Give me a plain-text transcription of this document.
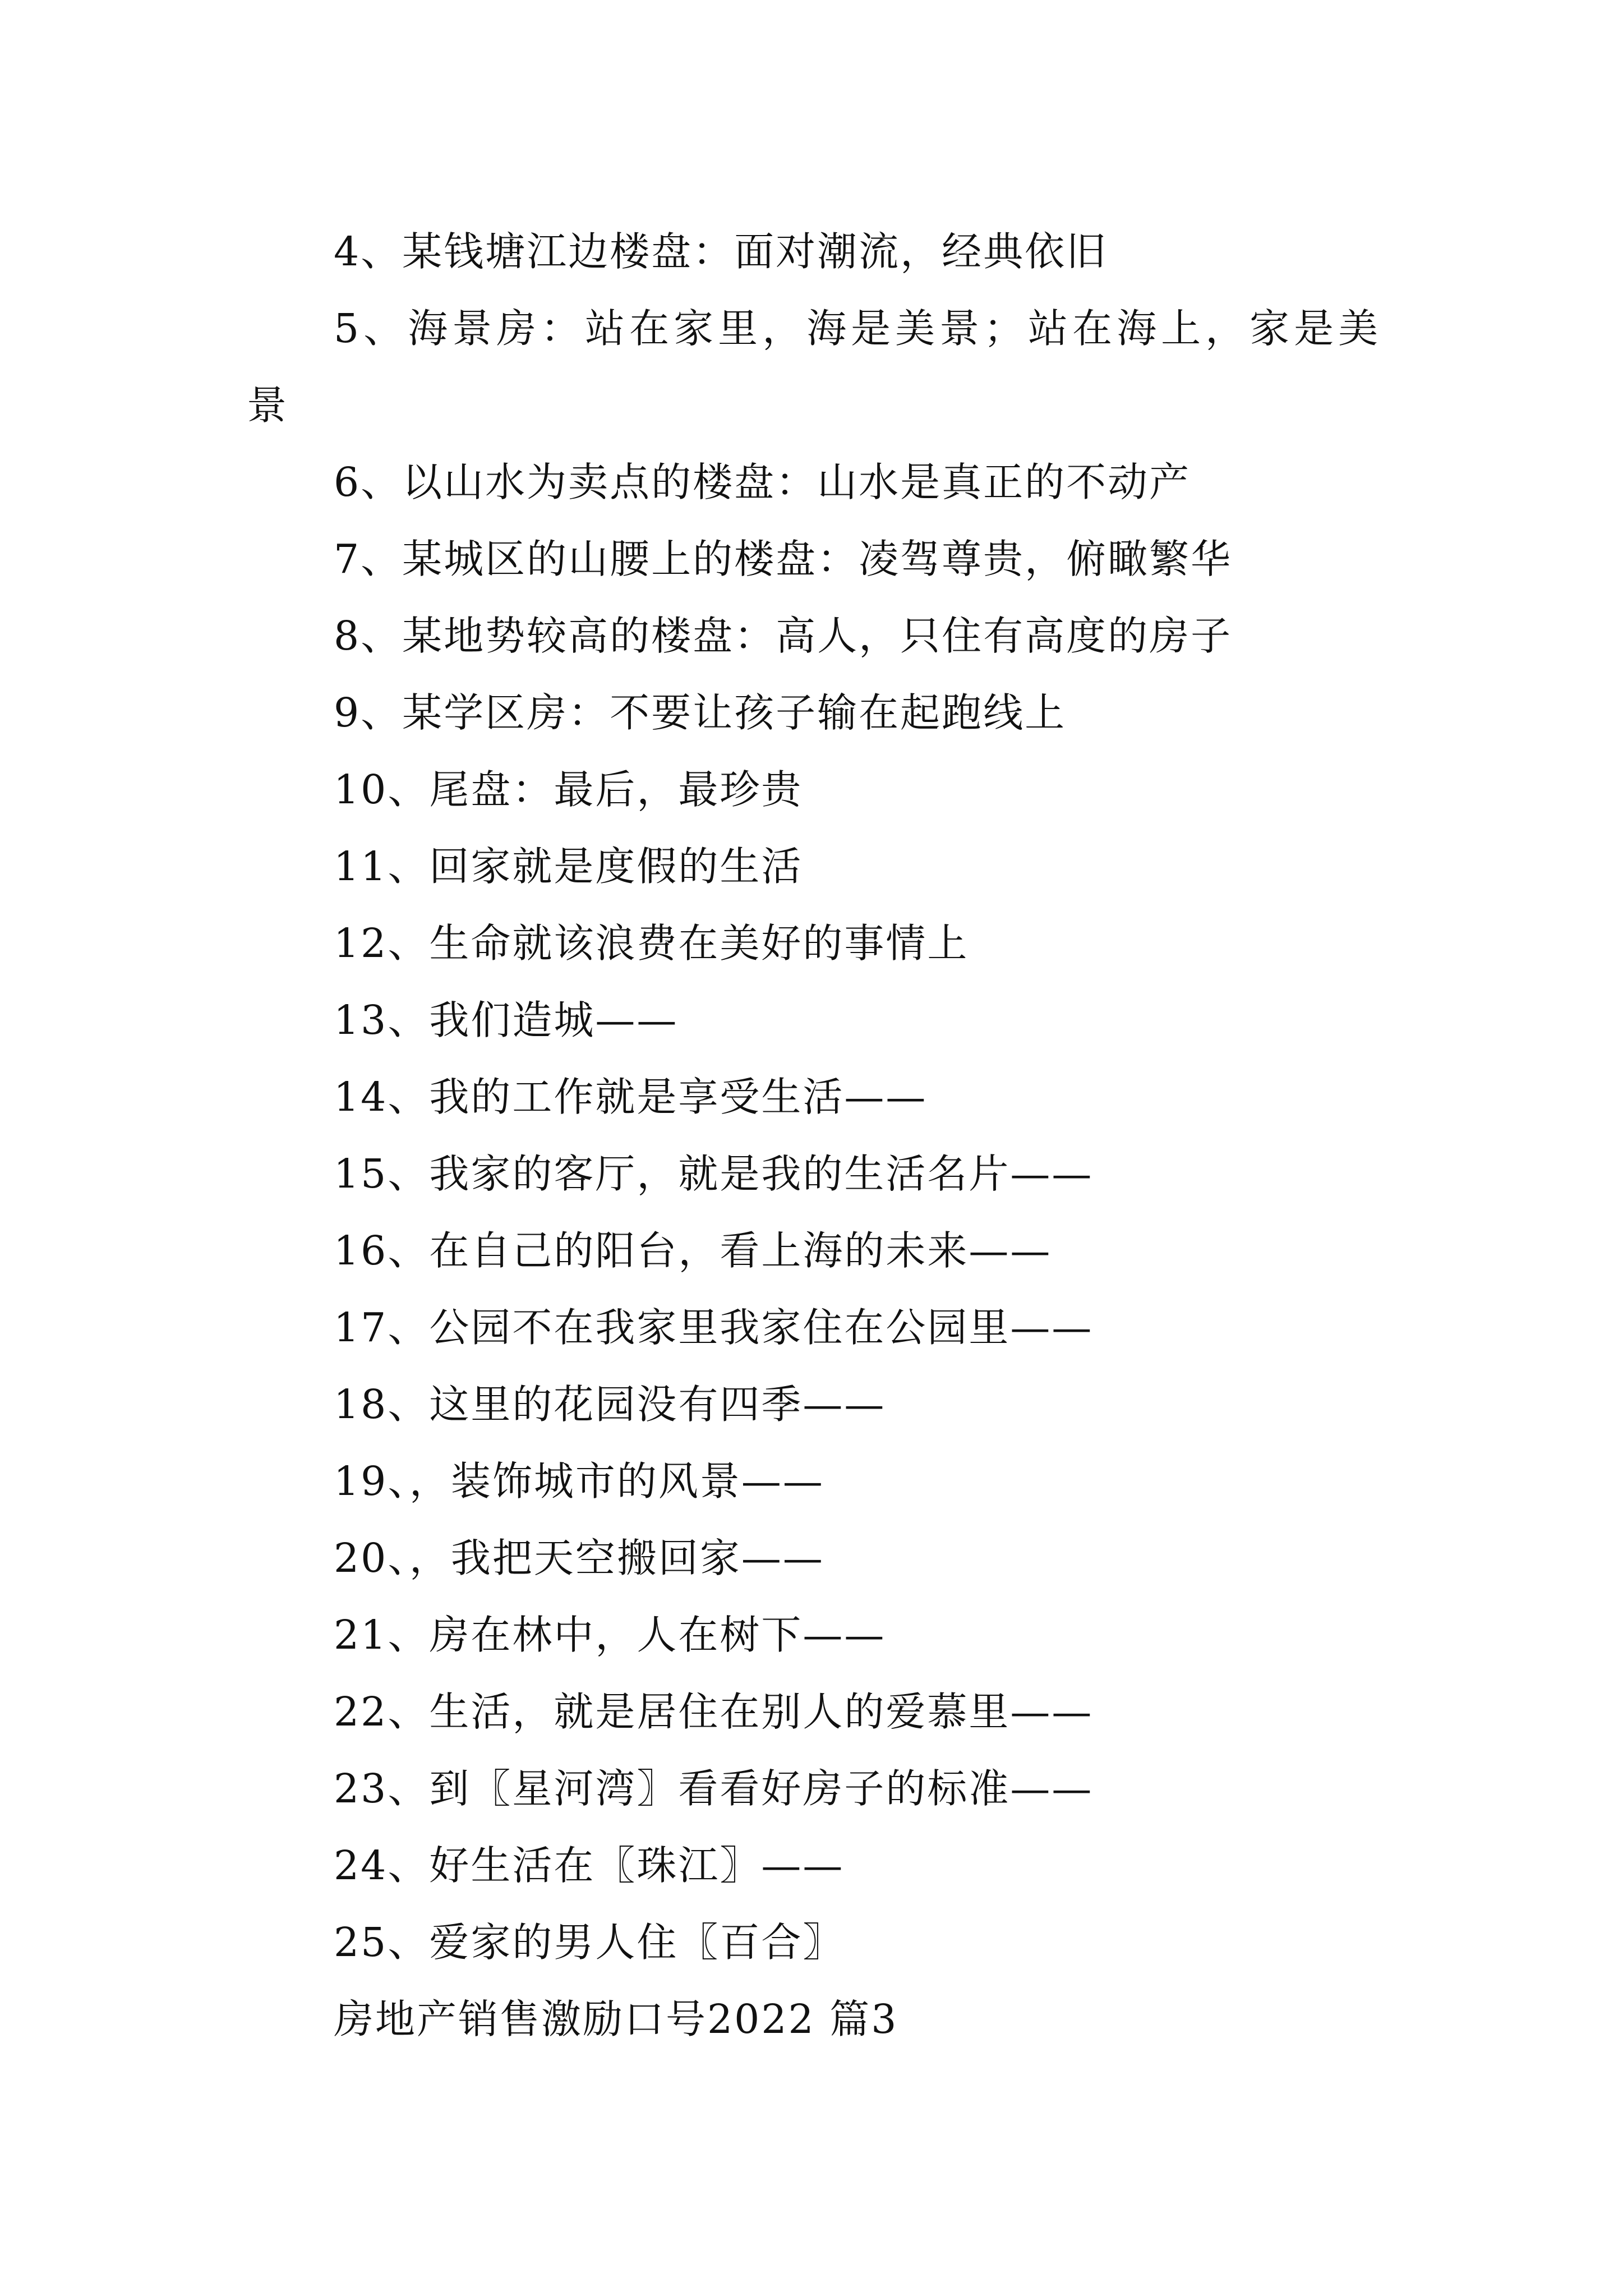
4、某钱塘江边楼盘：面对潮流，经典依旧
5、海景房：站在家里，海是美景；站在海上，家是美景
6、以山水为卖点的楼盘：山水是真正的不动产
7、某城区的山腰上的楼盘：凌驾尊贵，俯瞰繁华
8、某地势较高的楼盘：高人，只住有高度的房子
9、某学区房：不要让孩子输在起跑线上
10、尾盘：最后，最珍贵
11、回家就是度假的生活
12、生命就该浪费在美好的事情上
13、我们造城——
14、我的工作就是享受生活——
15、我家的客厅，就是我的生活名片——
16、在自己的阳台，看上海的未来——
17、公园不在我家里我家住在公园里——
18、这里的花园没有四季——
19、，装饰城市的风景——
20、，我把天空搬回家——
21、房在林中，人在树下——
22、生活，就是居住在别人的爱慕里——
23、到〖星河湾〗看看好房子的标准——
24、好生活在〖珠江〗——
25、爱家的男人住〖百合〗
房地产销售激励口号2022 篇3
